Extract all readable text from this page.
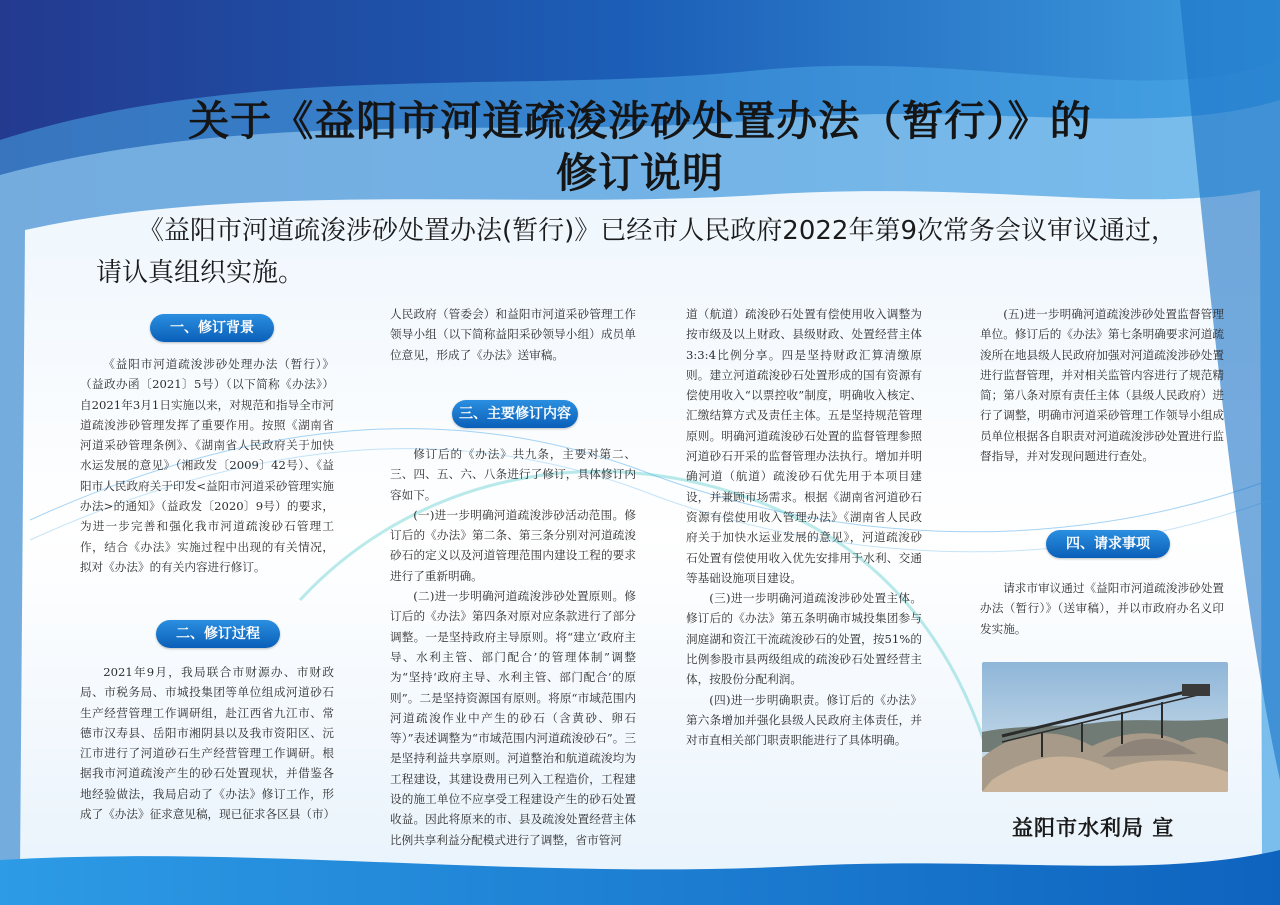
关于《益阳市河道疏浚涉砂处置办法（暂行）》的
修订说明

《益阳市河道疏浚涉砂处置办法(暂行)》已经市人民政府2022年第9次常务会议审议通过，请认真组织实施。

一、修订背景

《益阳市河道疏浚涉砂处理办法（暂行）》（益政办函〔2021〕5号）（以下简称《办法》）自2021年3月1日实施以来，对规范和指导全市河道疏浚涉砂管理发挥了重要作用。按照《湖南省河道采砂管理条例》、《湖南省人民政府关于加快水运发展的意见》（湘政发〔2009〕42号）、《益阳市人民政府关于印发<益阳市河道采砂管理实施办法>的通知》（益政发〔2020〕9号）的要求，为进一步完善和强化我市河道疏浚砂石管理工作，结合《办法》实施过程中出现的有关情况，拟对《办法》的有关内容进行修订。

二、修订过程

2021年9月，我局联合市财源办、市财政局、市税务局、市城投集团等单位组成河道砂石生产经营管理工作调研组，赴江西省九江市、常德市汉寿县、岳阳市湘阴县以及我市资阳区、沅江市进行了河道砂石生产经营管理工作调研。根据我市河道疏浚产生的砂石处置现状，并借鉴各地经验做法，我局启动了《办法》修订工作，形成了《办法》征求意见稿，现已征求各区县（市）

人民政府（管委会）和益阳市河道采砂管理工作领导小组（以下简称益阳采砂领导小组）成员单位意见，形成了《办法》送审稿。

三、主要修订内容

修订后的《办法》共九条，主要对第二、三、四、五、六、八条进行了修订，具体修订内容如下。

(一)进一步明确河道疏浚涉砂活动范围。修订后的《办法》第二条、第三条分别对河道疏浚砂石的定义以及河道管理范围内建设工程的要求进行了重新明确。

(二)进一步明确河道疏浚涉砂处置原则。修订后的《办法》第四条对原对应条款进行了部分调整。一是坚持政府主导原则。将“建立‘政府主导、水利主管、部门配合’的管理体制”调整为“坚持‘政府主导、水利主管、部门配合’的原则”。二是坚持资源国有原则。将原“市域范围内河道疏浚作业中产生的砂石（含黄砂、卵石等）”表述调整为“市域范围内河道疏浚砂石”。三是坚持利益共享原则。河道整治和航道疏浚均为工程建设，其建设费用已列入工程造价，工程建设的施工单位不应享受工程建设产生的砂石处置收益。因此将原来的市、县及疏浚处置经营主体比例共享利益分配模式进行了调整，省市管河

道（航道）疏浚砂石处置有偿使用收入调整为按市级及以上财政、县级财政、处置经营主体3:3:4比例分享。四是坚持财政汇算清缴原则。建立河道疏浚砂石处置形成的国有资源有偿使用收入“以票控收”制度，明确收入核定、汇缴结算方式及责任主体。五是坚持规范管理原则。明确河道疏浚砂石处置的监督管理参照河道砂石开采的监督管理办法执行。增加并明确河道（航道）疏浚砂石优先用于本项目建设，并兼顾市场需求。根据《湖南省河道砂石资源有偿使用收入管理办法》《湖南省人民政府关于加快水运业发展的意见》，河道疏浚砂石处置有偿使用收入优先安排用于水利、交通等基础设施项目建设。

(三)进一步明确河道疏浚涉砂处置主体。修订后的《办法》第五条明确市城投集团参与洞庭湖和资江干流疏浚砂石的处置，按51%的比例参股市县两级组成的疏浚砂石处置经营主体，按股份分配利润。

(四)进一步明确职责。修订后的《办法》第六条增加并强化县级人民政府主体责任，并对市直相关部门职责职能进行了具体明确。

(五)进一步明确河道疏浚涉砂处置监督管理单位。修订后的《办法》第七条明确要求河道疏浚所在地县级人民政府加强对河道疏浚涉砂处置进行监督管理，并对相关监管内容进行了规范精简；第八条对原有责任主体（县级人民政府）进行了调整，明确市河道采砂管理工作领导小组成员单位根据各自职责对河道疏浚涉砂处置进行监督指导，并对发现问题进行查处。

四、请求事项

请求市审议通过《益阳市河道疏浚涉砂处置办法（暂行）》（送审稿），并以市政府办名义印发实施。

益阳市水利局 宣
